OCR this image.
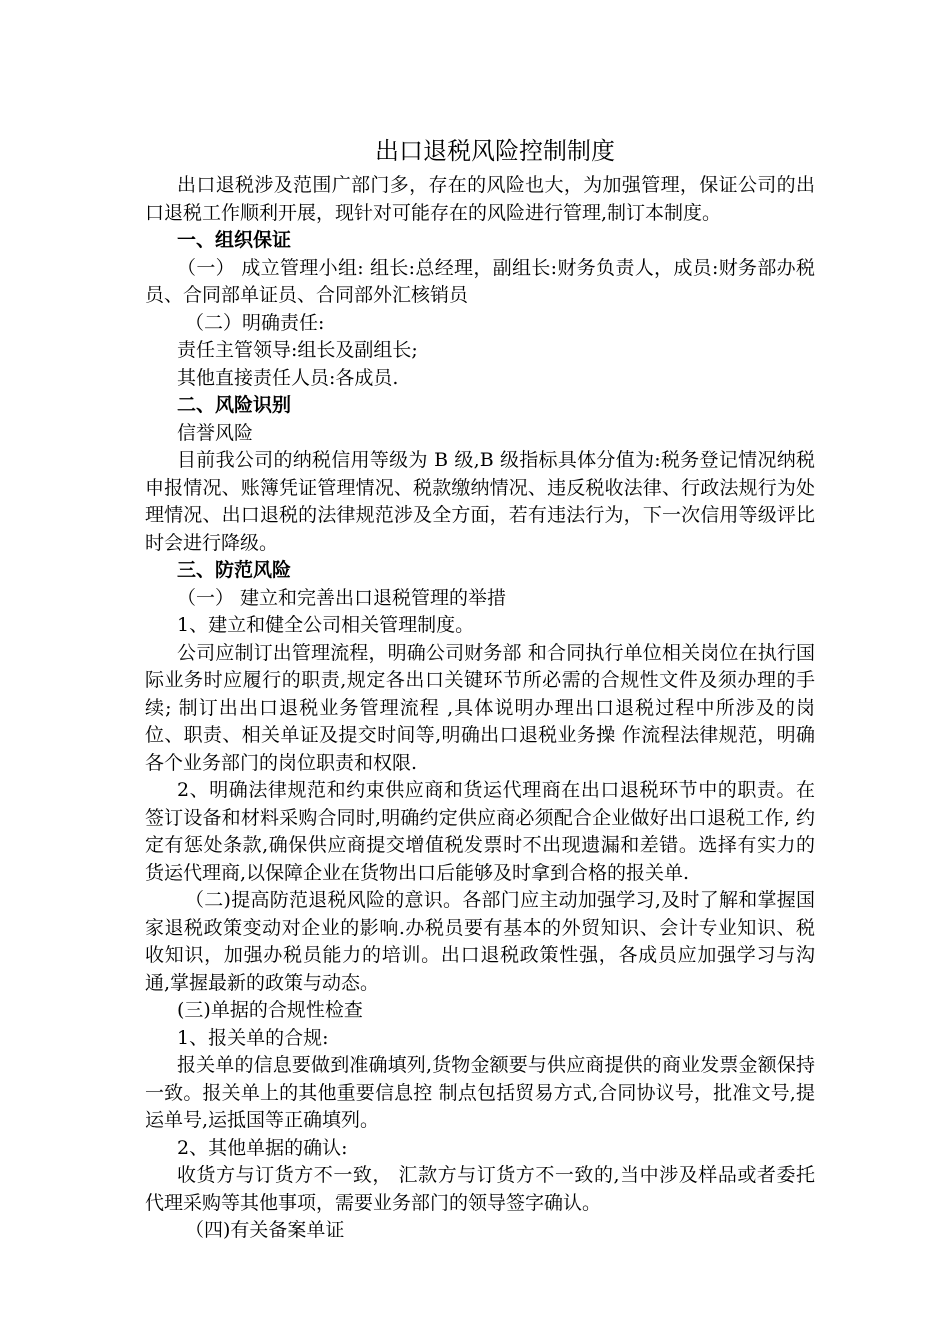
出口退税风险控制制度

出口退税涉及范围广部门多，存在的风险也大，为加强管理，保证公司的出口退税工作顺利开展，现针对可能存在的风险进行管理,制订本制度。

一、组织保证

（一） 成立管理小组: 组长:总经理，副组长:财务负责人，成员:财务部办税员、合同部单证员、合同部外汇核销员

（二）明确责任:

责任主管领导:组长及副组长;

其他直接责任人员:各成员.

二、风险识别

信誉风险

目前我公司的纳税信用等级为 B 级,B 级指标具体分值为:税务登记情况纳税申报情况、账簿凭证管理情况、税款缴纳情况、违反税收法律、行政法规行为处理情况、出口退税的法律规范涉及全方面，若有违法行为，下一次信用等级评比时会进行降级。

三、防范风险

（一） 建立和完善出口退税管理的举措

1、建立和健全公司相关管理制度。

公司应制订出管理流程，明确公司财务部 和合同执行单位相关岗位在执行国际业务时应履行的职责,规定各出口关键环节所必需的合规性文件及须办理的手续; 制订出出口退税业务管理流程 ,具体说明办理出口退税过程中所涉及的岗位、职责、相关单证及提交时间等,明确出口退税业务操 作流程法律规范，明确各个业务部门的岗位职责和权限.

2、明确法律规范和约束供应商和货运代理商在出口退税环节中的职责。在签订设备和材料采购合同时,明确约定供应商必须配合企业做好出口退税工作, 约定有惩处条款,确保供应商提交增值税发票时不出现遗漏和差错。选择有实力的货运代理商,以保障企业在货物出口后能够及时拿到合格的报关单.

（二)提高防范退税风险的意识。各部门应主动加强学习,及时了解和掌握国家退税政策变动对企业的影响.办税员要有基本的外贸知识、会计专业知识、税收知识，加强办税员能力的培训。出口退税政策性强，各成员应加强学习与沟通,掌握最新的政策与动态。

(三)单据的合规性检查

1、报关单的合规:

报关单的信息要做到准确填列,货物金额要与供应商提供的商业发票金额保持一致。报关单上的其他重要信息控 制点包括贸易方式,合同协议号，批准文号,提运单号,运抵国等正确填列。

2、其他单据的确认:

收货方与订货方不一致， 汇款方与订货方不一致的,当中涉及样品或者委托代理采购等其他事项，需要业务部门的领导签字确认。

（四)有关备案单证
